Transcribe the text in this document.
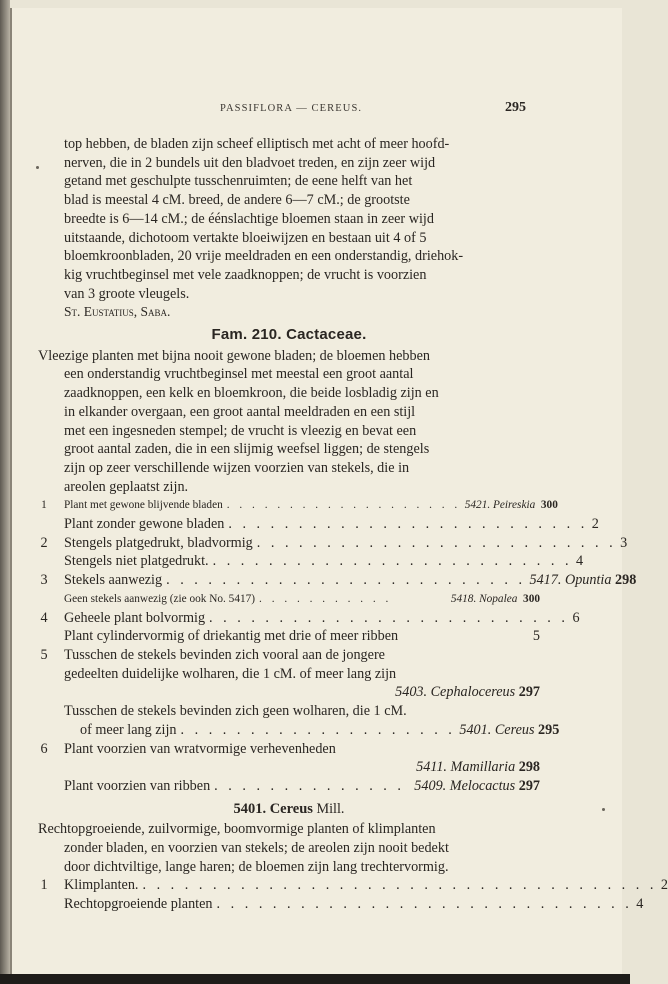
PASSIFLORA — CEREUS.	295

top hebben, de bladen zijn scheef elliptisch met acht of meer hoofd-

nerven, die in 2 bundels uit den bladvoet treden, en zijn zeer wijd

getand met geschulpte tusschenruimten; de eene helft van het

blad is meestal 4 cM. breed, de andere 6—7 cM.; de grootste

breedte is 6—14 cM.; de éénslachtige bloemen staan in zeer wijd

uitstaande, dichotoom vertakte bloeiwijzen en bestaan uit 4 of 5

bloemkroonbladen, 20 vrije meeldraden en een onderstandig, driehok-

kig vruchtbeginsel met vele zaadknoppen; de vrucht is voorzien

van 3 groote vleugels.

St. Eustatius, Saba.

Fam. 210. Cactaceae.

Vleezige planten met bijna nooit gewone bladen; de bloemen hebben

een onderstandig vruchtbeginsel met meestal een groot aantal

zaadknoppen, een kelk en bloemkroon, die beide losbladig zijn en

in elkander overgaan, een groot aantal meeldraden en een stijl

met een ingesneden stempel; de vrucht is vleezig en bevat een

groot aantal zaden, die in een slijmig weefsel liggen; de stengels

zijn op zeer verschillende wijzen voorzien van stekels, die in

areolen geplaatst zijn.

1 Plant met gewone blijvende bladen . . . . . . . . . . . . . . . . . . . 5421. Peireskia 300
Plant zonder gewone bladen . . . . . . . . . . . . . . . . . . . . . . . . . . 2
2 Stengels platgedrukt, bladvormig . . . . . . . . . . . . . . . . . . . . . . . . . . 3
Stengels niet platgedrukt. . . . . . . . . . . . . . . . . . . . . . . . . . . 4
3 Stekels aanwezig . . . . . . . . . . . . . . . . . . . . . . . . . . 5417. Opuntia 298
Geen stekels aanwezig (zie ook No. 5417) . . . . . . . . . . .	5418. Nopalea 300
4 Geheele plant bolvormig . . . . . . . . . . . . . . . . . . . . . . . . . . 6
Plant cylindervormig of driekantig met drie of meer ribben	5
5 Tusschen de stekels bevinden zich vooral aan de jongere

gedeelten duidelijke wolharen, die 1 cM. of meer lang zijn

5403. Cephalocereus 297

Tusschen de stekels bevinden zich geen wolharen, die 1 cM.

of meer lang zijn . . . . . . . . . . . . . . . . . . . . 5401. Cereus 295
6 Plant voorzien van wratvormige verhevenheden

5411. Mamillaria 298

Plant voorzien van ribben . . . . . . . . . . . . . . 5409. Melocactus 297
5401. Cereus Mill.

Rechtopgroeiende, zuilvormige, boomvormige planten of klimplanten

zonder bladen, en voorzien van stekels; de areolen zijn nooit bedekt

door dichtviltige, lange haren; de bloemen zijn lang trechtervormig.

1 Klimplanten. . . . . . . . . . . . . . . . . . . . . . . . . . . . . . . . . . . . . . 2
Rechtopgroeiende planten . . . . . . . . . . . . . . . . . . . . . . . . . . . . . . 4
